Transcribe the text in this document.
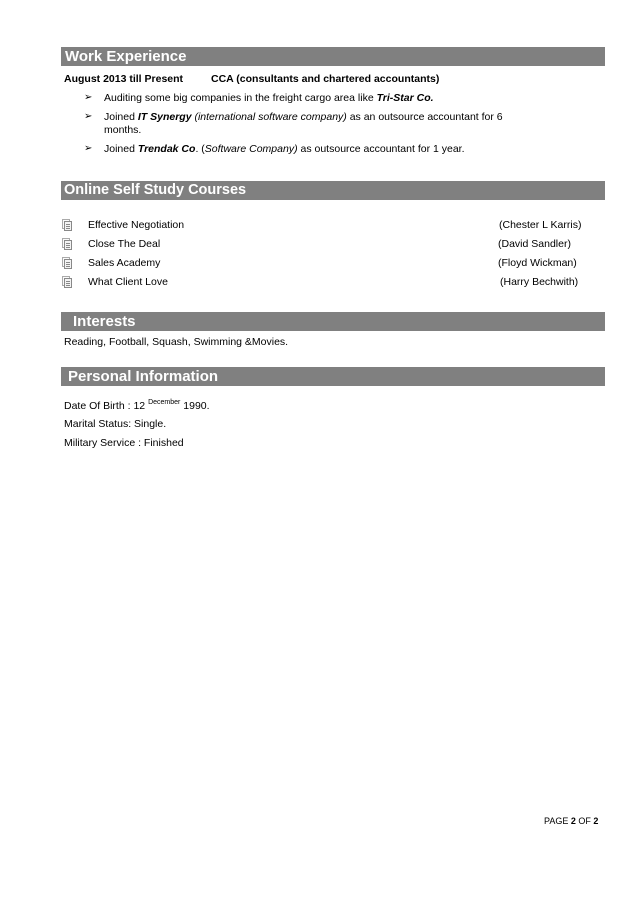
Work Experience
August 2013 till Present	CCA (consultants and chartered accountants)
➢ Auditing some big companies in the freight cargo area like Tri-Star Co.
➢ Joined IT Synergy (international software company) as an outsource accountant for 6
months.
➢ Joined Trendak Co. (Software Company) as outsource accountant for 1 year.
Online Self Study Courses
Effective Negotiation	(Chester L Karris)
Close The Deal	(David Sandler)
Sales Academy	(Floyd Wickman)
What Client Love	(Harry Bechwith)
Interests
Reading, Football, Squash, Swimming &Movies.
Personal Information
Date Of Birth : 12 $^{December}$ 1990.
Marital Status: Single.
Military Service : Finished
PAGE 2 OF 2
